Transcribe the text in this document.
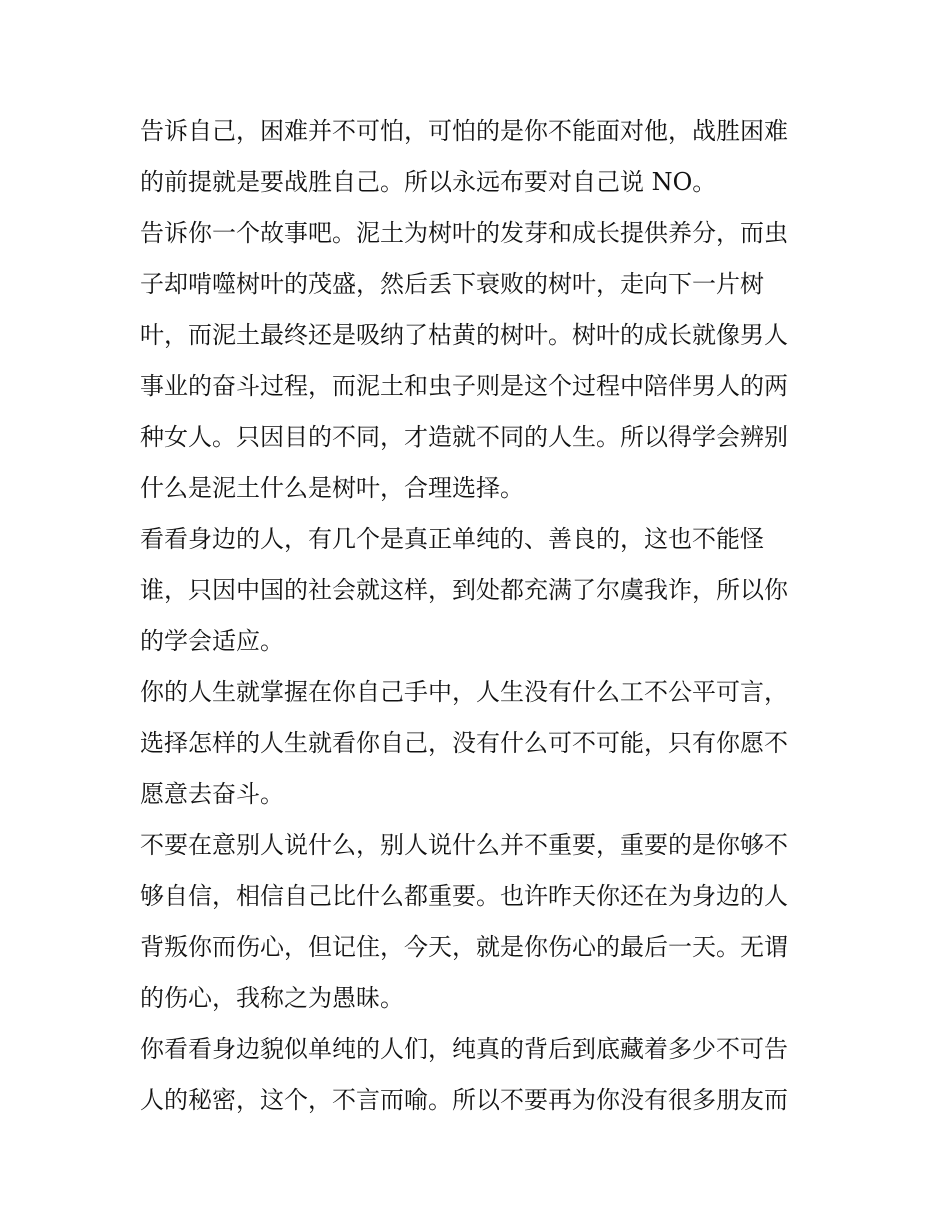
告诉自己，困难并不可怕，可怕的是你不能面对他，战胜困难
的前提就是要战胜自己。所以永远布要对自己说 NO。
告诉你一个故事吧。泥土为树叶的发芽和成长提供养分，而虫
子却啃噬树叶的茂盛，然后丢下衰败的树叶，走向下一片树
叶，而泥土最终还是吸纳了枯黄的树叶。树叶的成长就像男人
事业的奋斗过程，而泥土和虫子则是这个过程中陪伴男人的两
种女人。只因目的不同，才造就不同的人生。所以得学会辨别
什么是泥土什么是树叶，合理选择。
看看身边的人，有几个是真正单纯的、善良的，这也不能怪
谁，只因中国的社会就这样，到处都充满了尔虞我诈，所以你
的学会适应。
你的人生就掌握在你自己手中，人生没有什么工不公平可言，
选择怎样的人生就看你自己，没有什么可不可能，只有你愿不
愿意去奋斗。
不要在意别人说什么，别人说什么并不重要，重要的是你够不
够自信，相信自己比什么都重要。也许昨天你还在为身边的人
背叛你而伤心，但记住，今天，就是你伤心的最后一天。无谓
的伤心，我称之为愚昧。
你看看身边貌似单纯的人们，纯真的背后到底藏着多少不可告
人的秘密，这个，不言而喻。所以不要再为你没有很多朋友而
